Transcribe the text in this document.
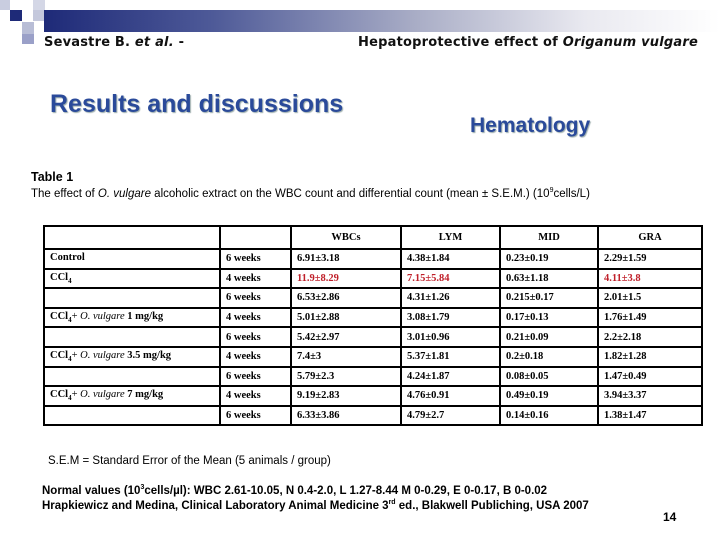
Sevastre B. et al. -	Hepatoprotective effect of Origanum vulgare
Results and discussions
Hematology
Table 1
The effect of O. vulgare alcoholic extract on the WBC count and differential count (mean ± S.E.M.) $(10^9cells/L)$
		WBCs	LYM	MID	GRA
Control	6 weeks	6.91±3.18	4.38±1.84	0.23±0.19	2.29±1.59
CCl$_4$	4 weeks	11.9±8.29	7.15±5.84	0.63±1.18	4.11±3.8
	6 weeks	6.53±2.86	4.31±1.26	0.215±0.17	2.01±1.5
CCl$_4$+ O. vulgare 1 mg/kg	4 weeks	5.01±2.88	3.08±1.79	0.17±0.13	1.76±1.49
	6 weeks	5.42±2.97	3.01±0.96	0.21±0.09	2.2±2.18
CCl$_4$+ O. vulgare 3.5 mg/kg	4 weeks	7.4±3	5.37±1.81	0.2±0.18	1.82±1.28
	6 weeks	5.79±2.3	4.24±1.87	0.08±0.05	1.47±0.49
CCl$_4$+ O. vulgare 7 mg/kg	4 weeks	9.19±2.83	4.76±0.91	0.49±0.19	3.94±3.37
	6 weeks	6.33±3.86	4.79±2.7	0.14±0.16	1.38±1.47
S.E.M = Standard Error of the Mean (5 animals / group)
Normal values $(10^3cells/\mu l)$: WBC 2.61-10.05, N 0.4-2.0, L 1.27-8.44 M 0-0.29, E 0-0.17, B 0-0.02
Hrapkiewicz and Medina, Clinical Laboratory Animal Medicine 3rd ed., Blakwell Publiching, USA 2007
14
